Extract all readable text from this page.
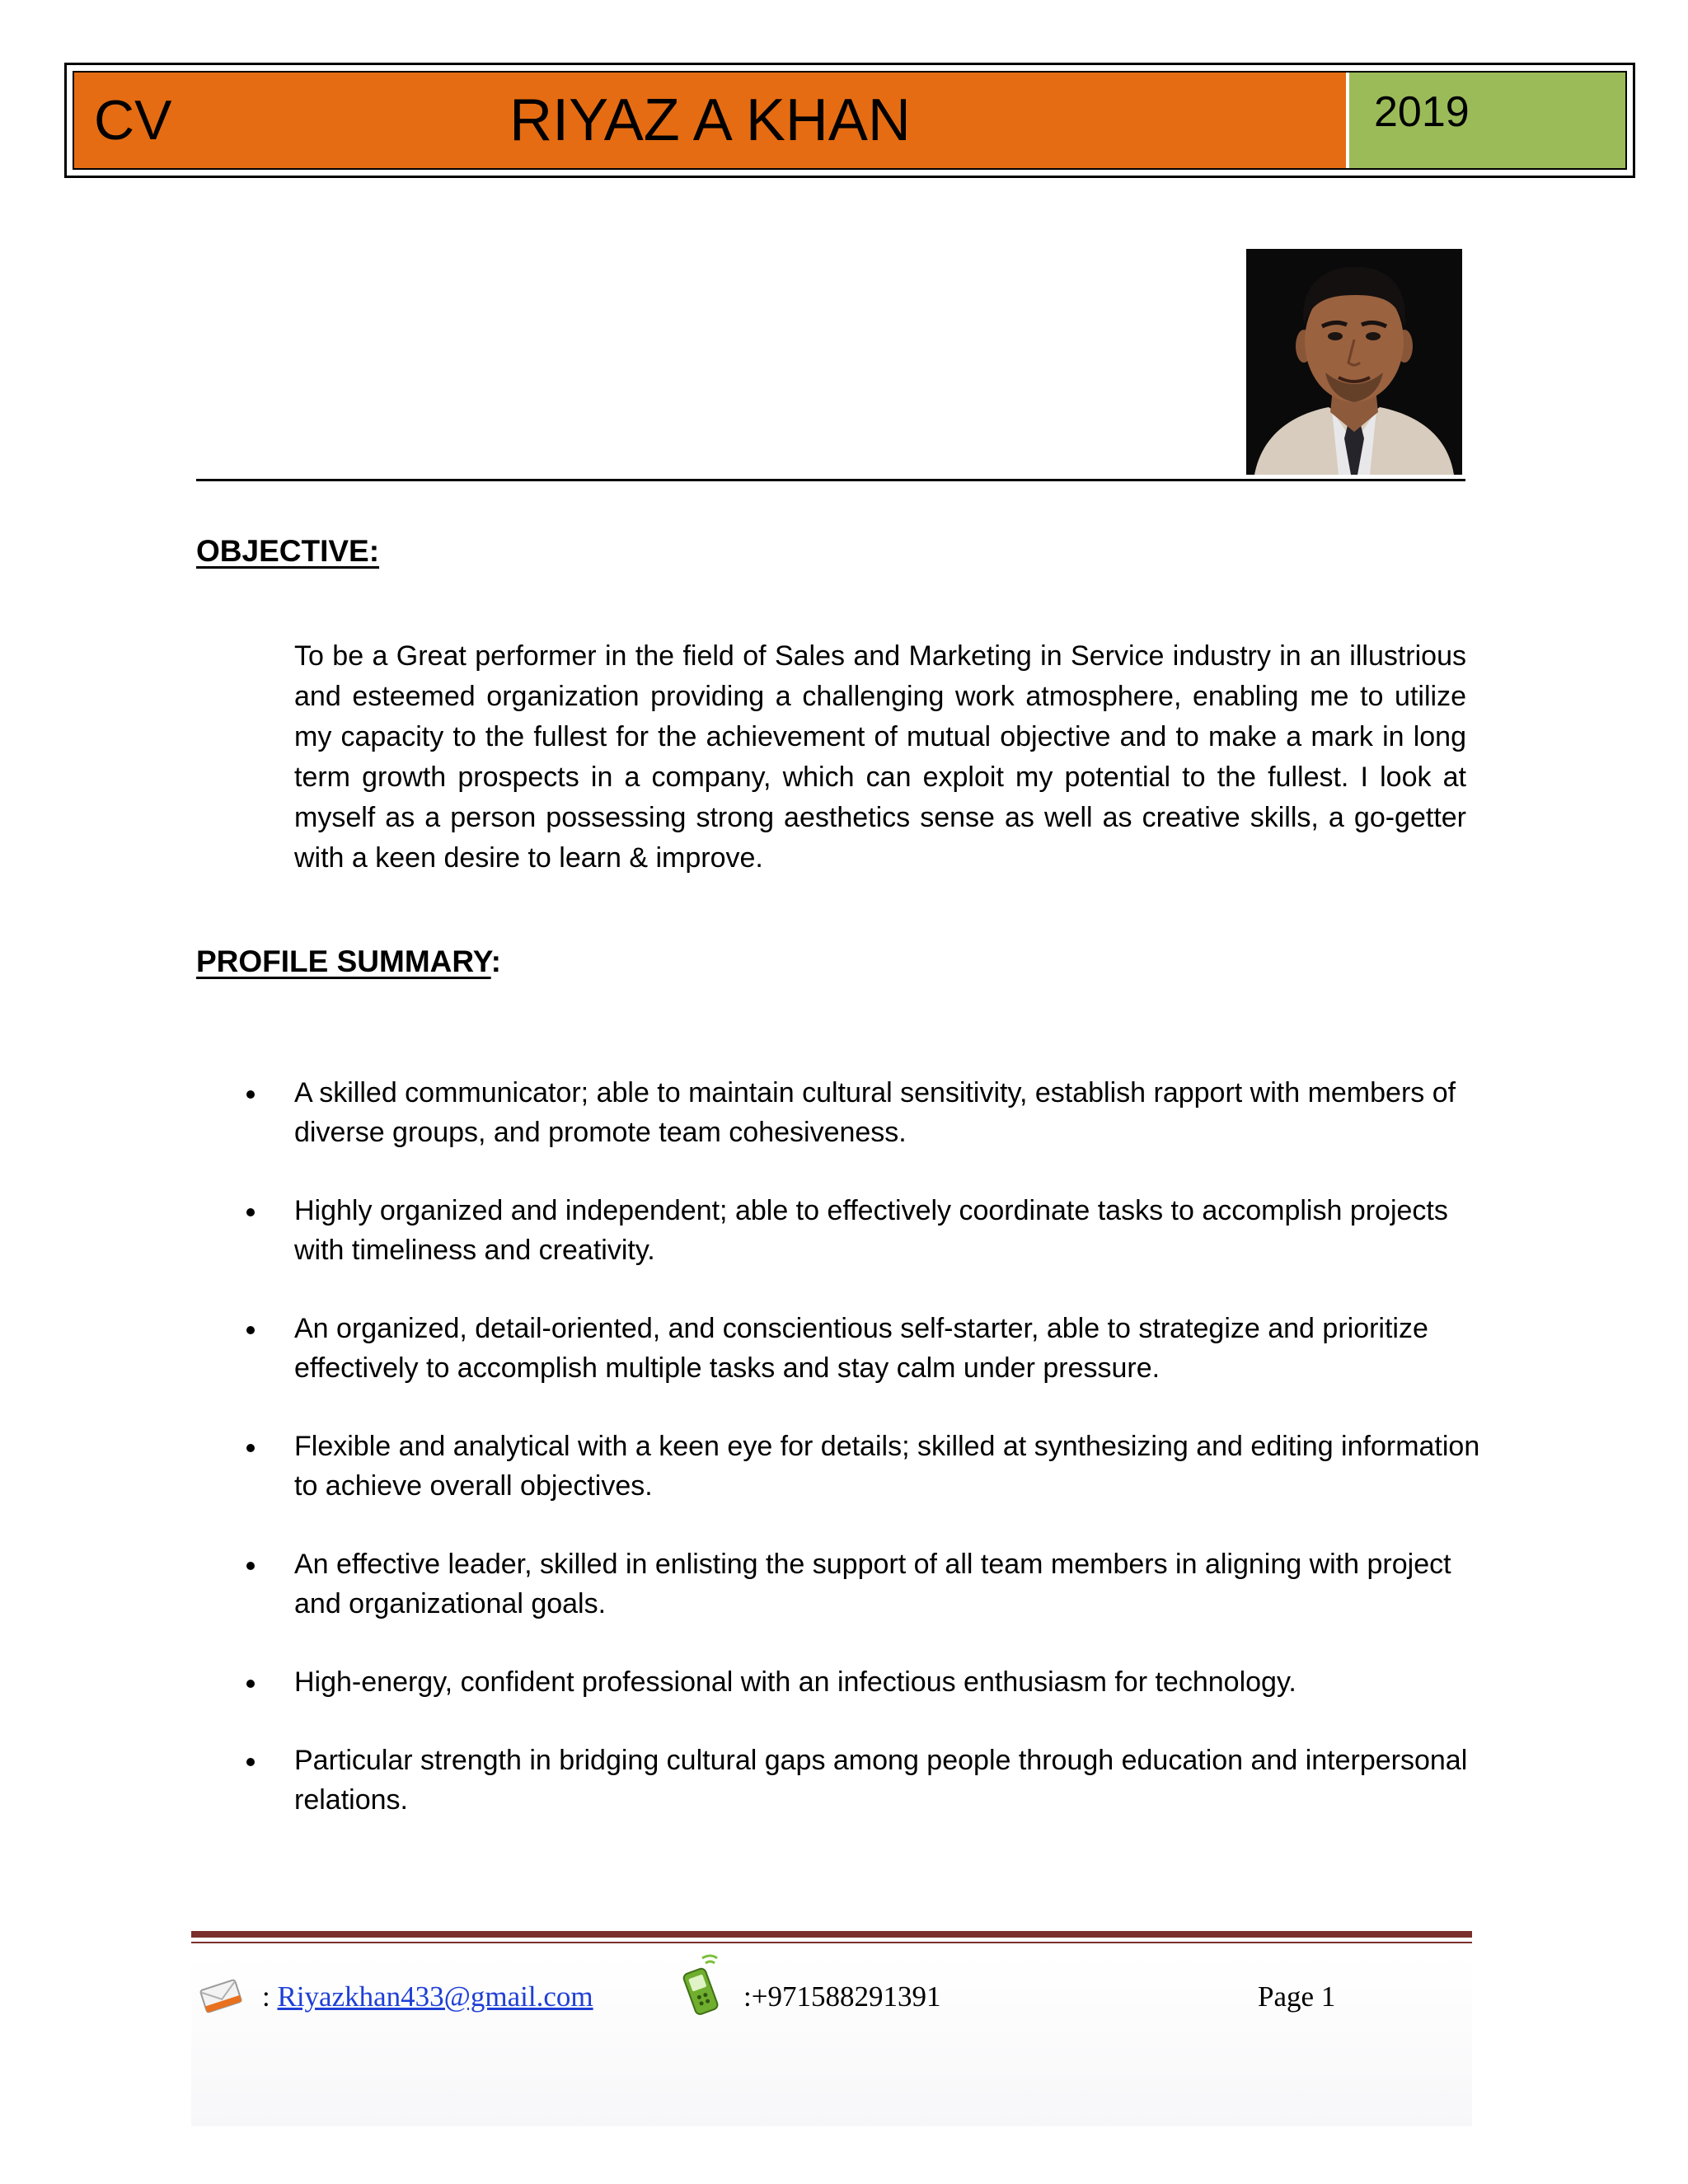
CV	RIYAZ A KHAN	2019
OBJECTIVE:
To be a Great performer in the field of Sales and Marketing in Service industry in an illustrious and esteemed organization providing a challenging work atmosphere, enabling me to utilize my capacity to the fullest for the achievement of mutual objective and to make a mark in long term growth prospects in a company, which can exploit my potential to the fullest. I look at myself as a person possessing strong aesthetics sense as well as creative skills, a go-getter with a keen desire to learn & improve.
PROFILE SUMMARY:
A skilled communicator; able to maintain cultural sensitivity, establish rapport with members of diverse groups, and promote team cohesiveness.
Highly organized and independent; able to effectively coordinate tasks to accomplish projects with timeliness and creativity.
An organized, detail-oriented, and conscientious self-starter, able to strategize and prioritize effectively to accomplish multiple tasks and stay calm under pressure.
Flexible and analytical with a keen eye for details; skilled at synthesizing and editing information to achieve overall objectives.
An effective leader, skilled in enlisting the support of all team members in aligning with project and organizational goals.
High-energy, confident professional with an infectious enthusiasm for technology.
Particular strength in bridging cultural gaps among people through education and interpersonal relations.
: Riyazkhan433@gmail.com	:+971588291391	Page 1
